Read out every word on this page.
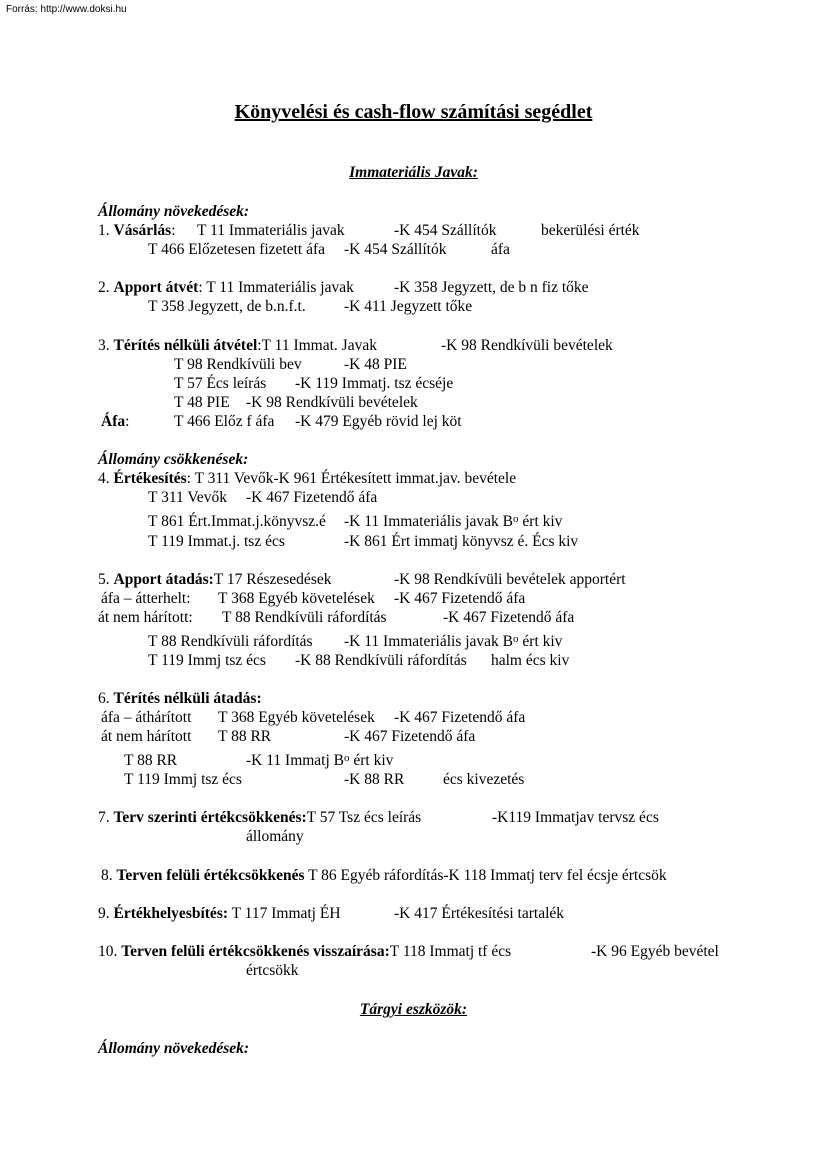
Forrás: http://www.doksi.hu
Könyvelési és cash-flow számítási segédlet
Immateriális Javak:
Állomány növekedések:
1. Vásárlás: T 11 Immateriális javak	-K 454 Szállítók	bekerülési érték
T 466 Előzetesen fizetett áfa -K 454 Szállítók	áfa
2. Apport átvét: T 11 Immateriális javak	-K 358 Jegyzett, de b n fiz tőke
T 358 Jegyzett, de b.n.f.t. -K 411 Jegyzett tőke
3. Térítés nélküli átvétel:T 11 Immat. Javak	-K 98 Rendkívüli bevételek
T 98 Rendkívüli bev	-K 48 PIE
T 57 Écs leírás -K 119 Immatj. tsz écséje
T 48 PIE -K 98 Rendkívüli bevételek
Áfa:	T 466 Előz f áfa -K 479 Egyéb rövid lej köt
Állomány csökkenések:
4. Értékesítés: T 311 Vevők-K 961 Értékesített immat.jav. bevétele
T 311 Vevők -K 467 Fizetendő áfa
T 861 Ért.Immat.j.könyvsz.é -K 11 Immateriális javak $B^o$ ért kiv
T 119 Immat.j. tsz écs	-K 861 Ért immatj könyvsz é. Écs kiv
5. Apport átadás:T 17 Részesedések	-K 98 Rendkívüli bevételek apportért
áfa – átterhelt: T 368 Egyéb követelések -K 467 Fizetendő áfa
át nem hárított: T 88 Rendkívüli ráfordítás	-K 467 Fizetendő áfa
T 88 Rendkívüli ráfordítás -K 11 Immateriális javak $B^o$ ért kiv
T 119 Immj tsz écs -K 88 Rendkívüli ráfordítás halm écs kiv
6. Térítés nélküli átadás:
áfa – áthárított T 368 Egyéb követelések -K 467 Fizetendő áfa
át nem hárított T 88 RR	-K 467 Fizetendő áfa
T 88 RR	-K 11 Immatj $B^o$ ért kiv
T 119 Immj tsz écs	-K 88 RR écs kivezetés
7. Terv szerinti értékcsökkenés:T 57 Tsz écs leírás	-K119 Immatjav tervsz écs
állomány
8. Terven felüli értékcsökkenés T 86 Egyéb ráfordítás-K 118 Immatj terv fel écsje értcsök
9. Értékhelyesbítés: T 117 Immatj ÉH	-K 417 Értékesítési tartalék
10. Terven felüli értékcsökkenés visszaírása:T 118 Immatj tf écs	-K 96 Egyéb bevétel
értcsökk
Tárgyi eszközök:
Állomány növekedések:
